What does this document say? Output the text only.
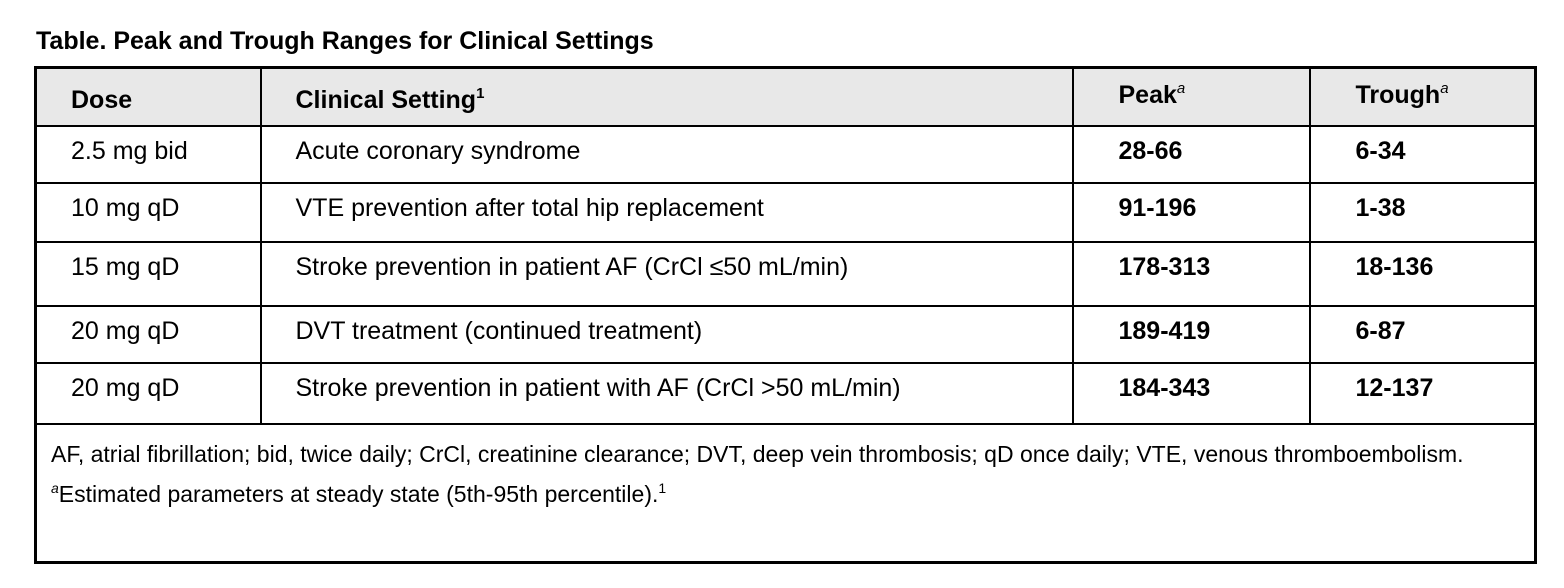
Table. Peak and Trough Ranges for Clinical Settings
Dose	Clinical Setting$^1$	Peak$^a$	Trough$^a$

2.5 mg bid	Acute coronary syndrome	28-66	6-34

10 mg qD	VTE prevention after total hip replacement	91-196	1-38

15 mg qD	Stroke prevention in patient AF (CrCl ≤50 mL/min)	178-313	18-136

20 mg qD	DVT treatment (continued treatment)	189-419	6-87

20 mg qD	Stroke prevention in patient with AF (CrCl >50 mL/min)	184-343	12-137

AF, atrial fibrillation; bid, twice daily; CrCl, creatinine clearance; DVT, deep vein thrombosis; qD once daily; VTE, venous thromboembolism.

$^a$Estimated parameters at steady state (5th-95th percentile).$^1$
